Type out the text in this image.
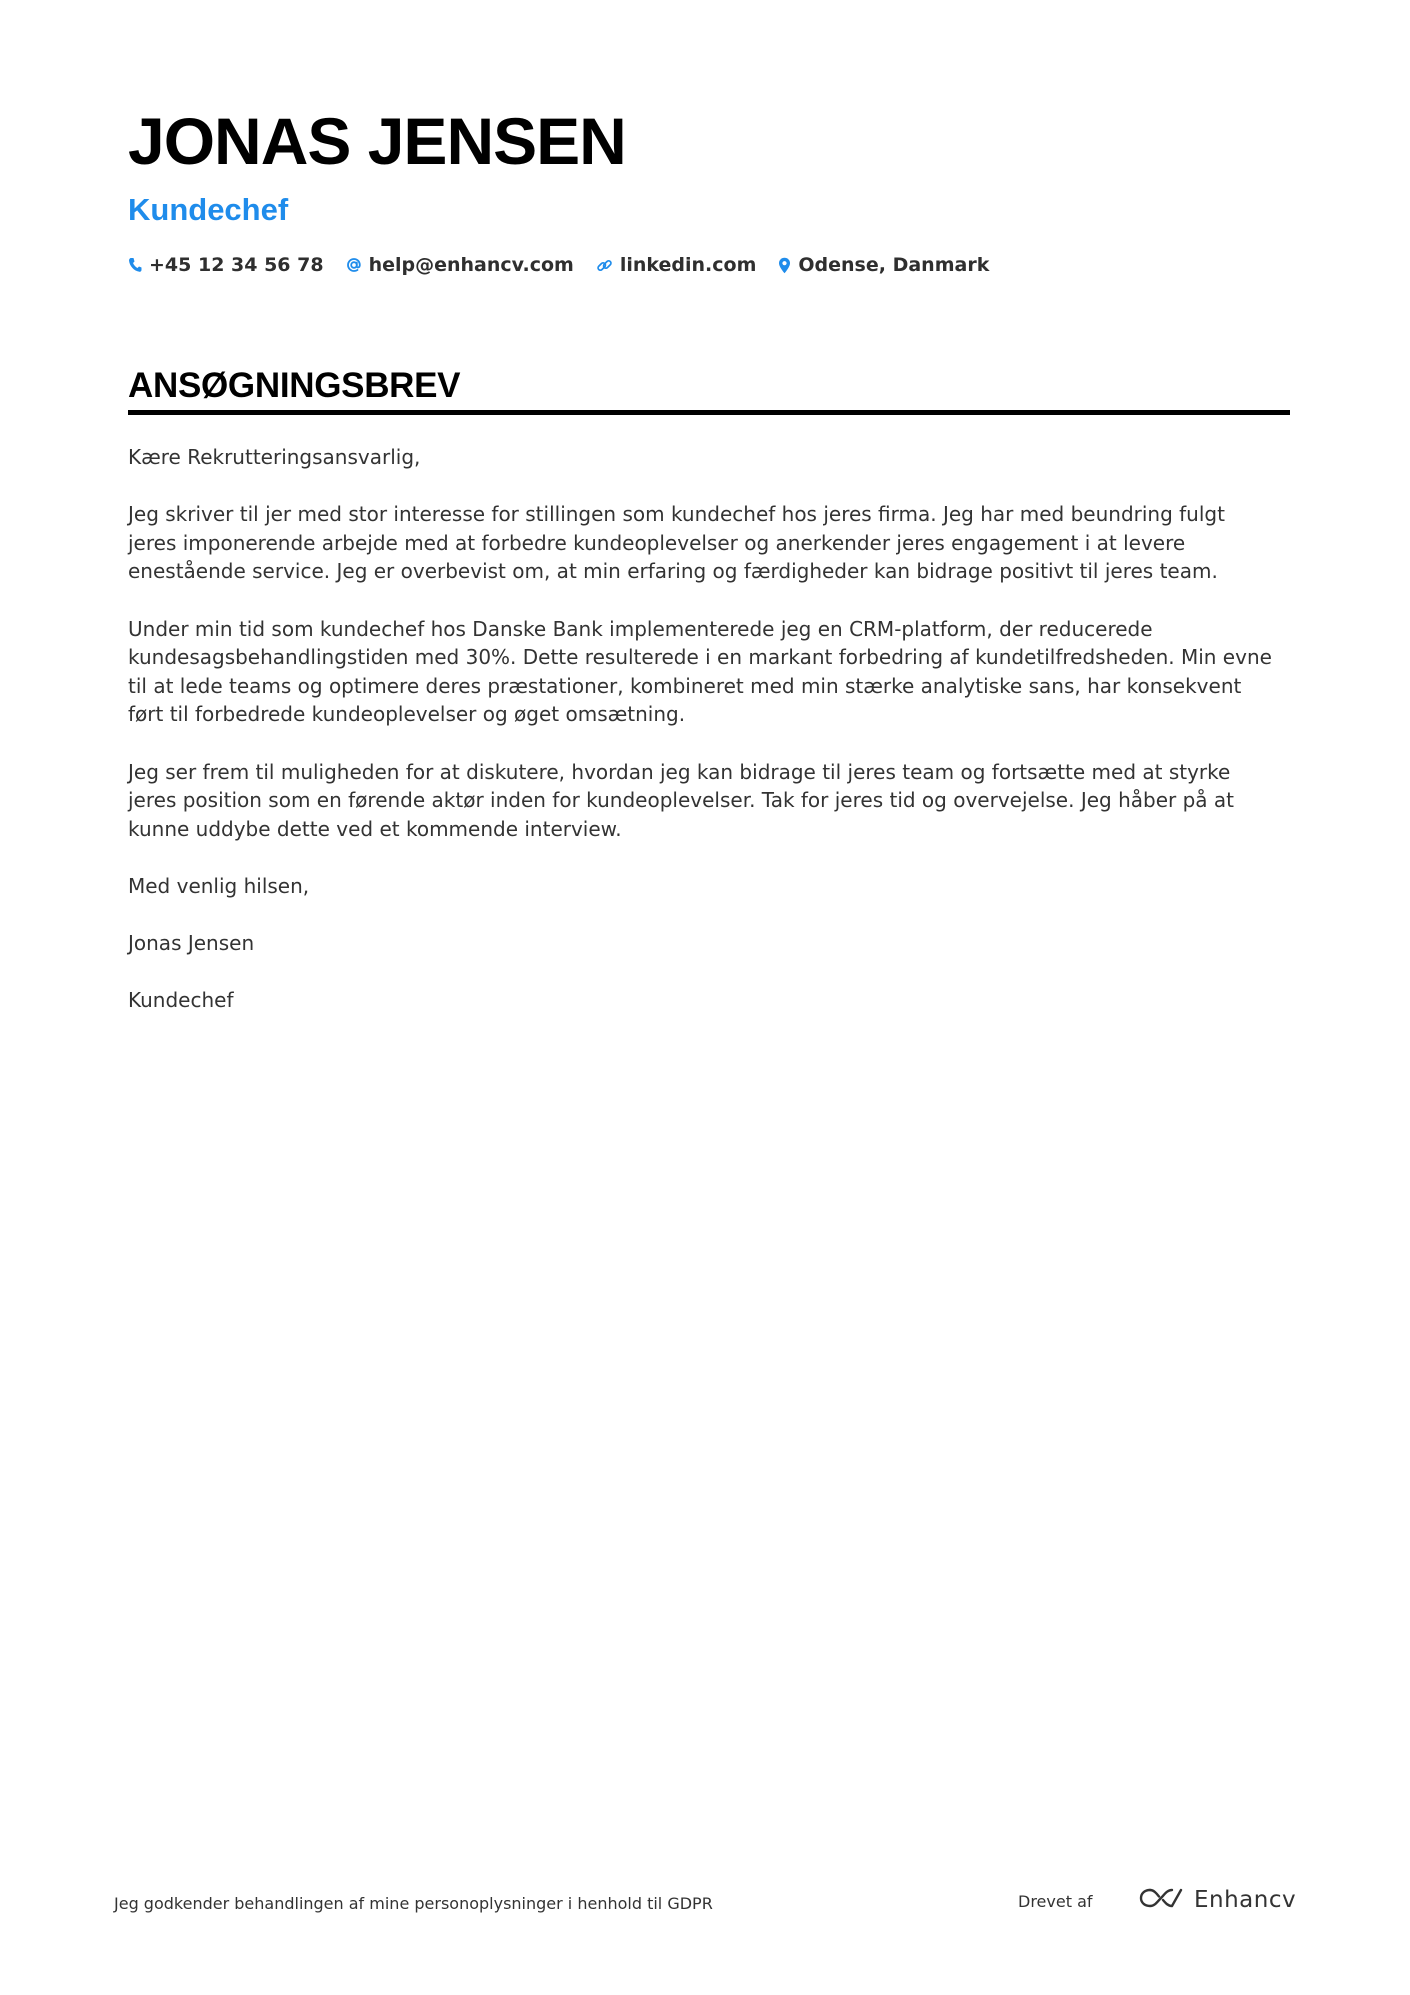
JONAS JENSEN
Kundechef
+45 12 34 56 78 help@enhancv.com linkedin.com Odense, Danmark
ANSØGNINGSBREV

Kære Rekrutteringsansvarlig,

Jeg skriver til jer med stor interesse for stillingen som kundechef hos jeres firma. Jeg har med beundring fulgt jeres imponerende arbejde med at forbedre kundeoplevelser og anerkender jeres engagement i at levere enestående service. Jeg er overbevist om, at min erfaring og færdigheder kan bidrage positivt til jeres team.

Under min tid som kundechef hos Danske Bank implementerede jeg en CRM-platform, der reducerede kundesagsbehandlingstiden med 30%. Dette resulterede i en markant forbedring af kundetilfredsheden. Min evne til at lede teams og optimere deres præstationer, kombineret med min stærke analytiske sans, har konsekvent ført til forbedrede kundeoplevelser og øget omsætning.

Jeg ser frem til muligheden for at diskutere, hvordan jeg kan bidrage til jeres team og fortsætte med at styrke jeres position som en førende aktør inden for kundeoplevelser. Tak for jeres tid og overvejelse. Jeg håber på at kunne uddybe dette ved et kommende interview.

Med venlig hilsen,

Jonas Jensen

Kundechef

Jeg godkender behandlingen af mine personoplysninger i henhold til GDPR	Drevet af	Enhancv
